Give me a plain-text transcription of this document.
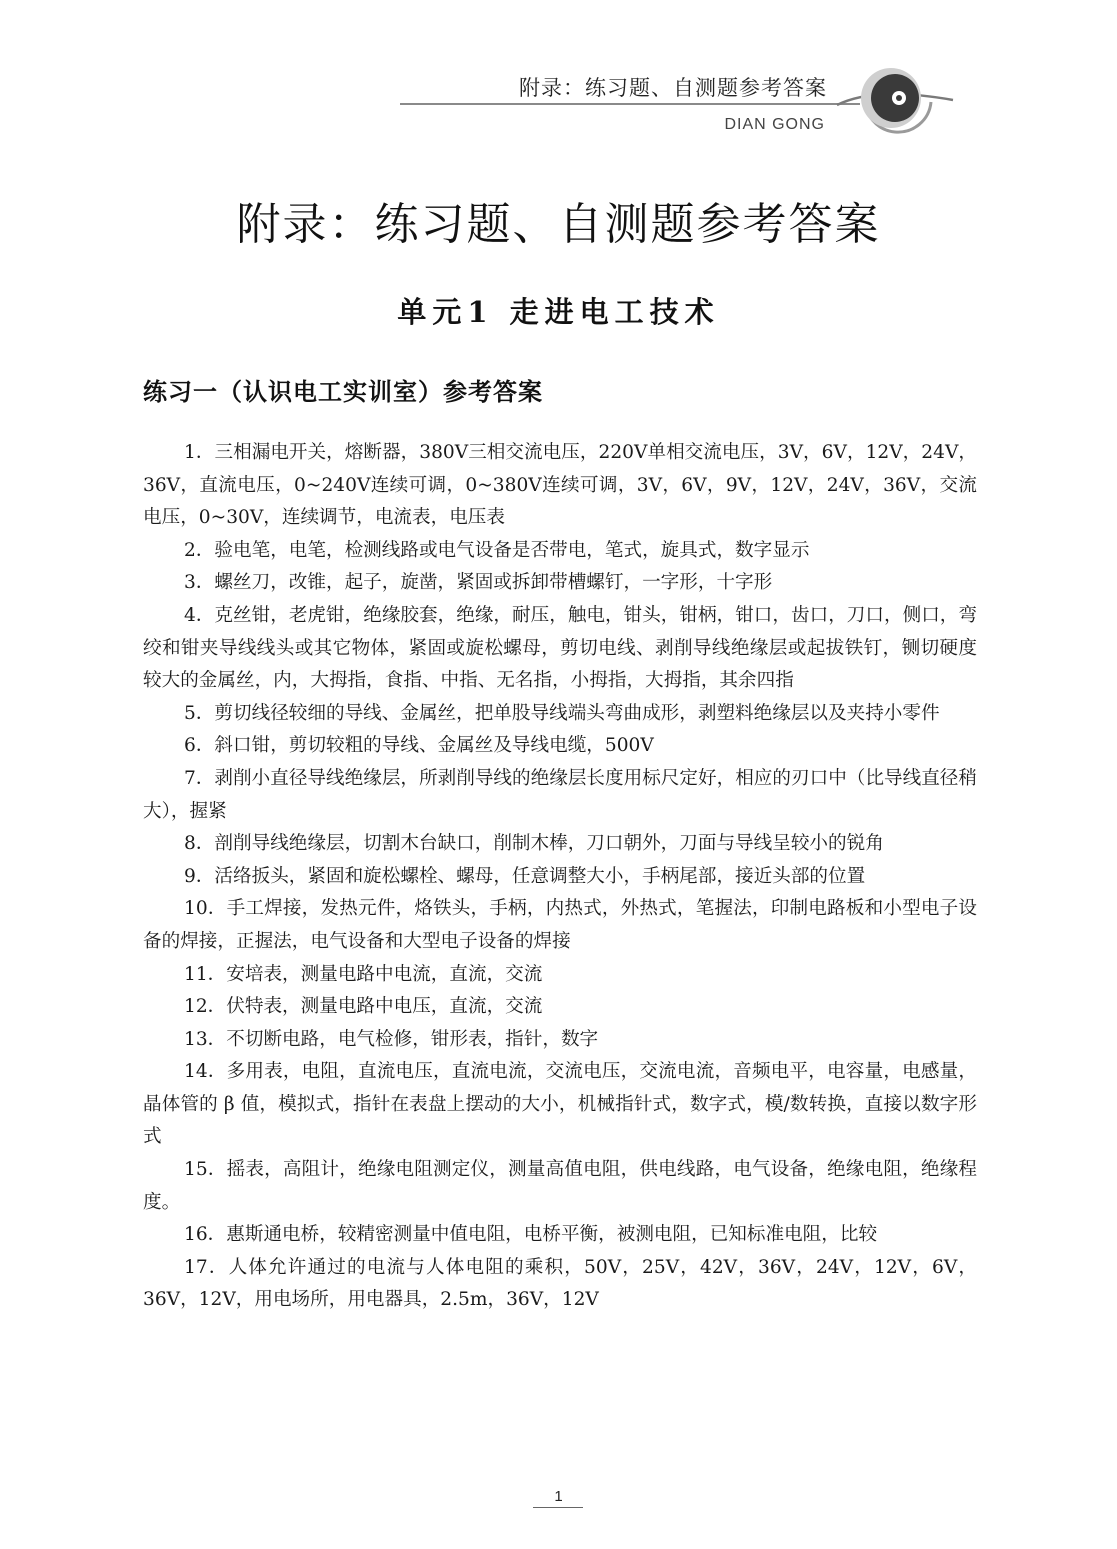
附录：练习题、自测题参考答案
DIAN GONG
附录：练习题、自测题参考答案
单元1 走进电工技术
练习一（认识电工实训室）参考答案

1．三相漏电开关，熔断器，380V三相交流电压，220V单相交流电压，3V，6V，12V，24V，36V，直流电压，0~240V连续可调，0~380V连续可调，3V，6V，9V，12V，24V，36V，交流电压，0~30V，连续调节，电流表，电压表

2．验电笔，电笔，检测线路或电气设备是否带电，笔式，旋具式，数字显示

3．螺丝刀，改锥，起子，旋凿，紧固或拆卸带槽螺钉，一字形，十字形

4．克丝钳，老虎钳，绝缘胶套，绝缘，耐压，触电，钳头，钳柄，钳口，齿口，刀口，侧口，弯绞和钳夹导线线头或其它物体，紧固或旋松螺母，剪切电线、剥削导线绝缘层或起拔铁钉，铡切硬度较大的金属丝，内，大拇指，食指、中指、无名指，小拇指，大拇指，其余四指

5．剪切线径较细的导线、金属丝，把单股导线端头弯曲成形，剥塑料绝缘层以及夹持小零件

6．斜口钳，剪切较粗的导线、金属丝及导线电缆，500V

7．剥削小直径导线绝缘层，所剥削导线的绝缘层长度用标尺定好，相应的刃口中（比导线直径稍大），握紧

8．剖削导线绝缘层，切割木台缺口，削制木棒，刀口朝外，刀面与导线呈较小的锐角

9．活络扳头，紧固和旋松螺栓、螺母，任意调整大小，手柄尾部，接近头部的位置

10．手工焊接，发热元件，烙铁头，手柄，内热式，外热式，笔握法，印制电路板和小型电子设备的焊接，正握法，电气设备和大型电子设备的焊接

11．安培表，测量电路中电流，直流，交流

12．伏特表，测量电路中电压，直流，交流

13．不切断电路，电气检修，钳形表，指针，数字

14．多用表，电阻，直流电压，直流电流，交流电压，交流电流，音频电平，电容量，电感量，晶体管的 β 值，模拟式，指针在表盘上摆动的大小，机械指针式，数字式，模/数转换，直接以数字形式

15．摇表，高阻计，绝缘电阻测定仪，测量高值电阻，供电线路，电气设备，绝缘电阻，绝缘程度。

16．惠斯通电桥，较精密测量中值电阻，电桥平衡，被测电阻，已知标准电阻，比较

17．人体允许通过的电流与人体电阻的乘积，50V，25V，42V，36V，24V，12V，6V，36V，12V，用电场所，用电器具，2.5m，36V，12V

1
